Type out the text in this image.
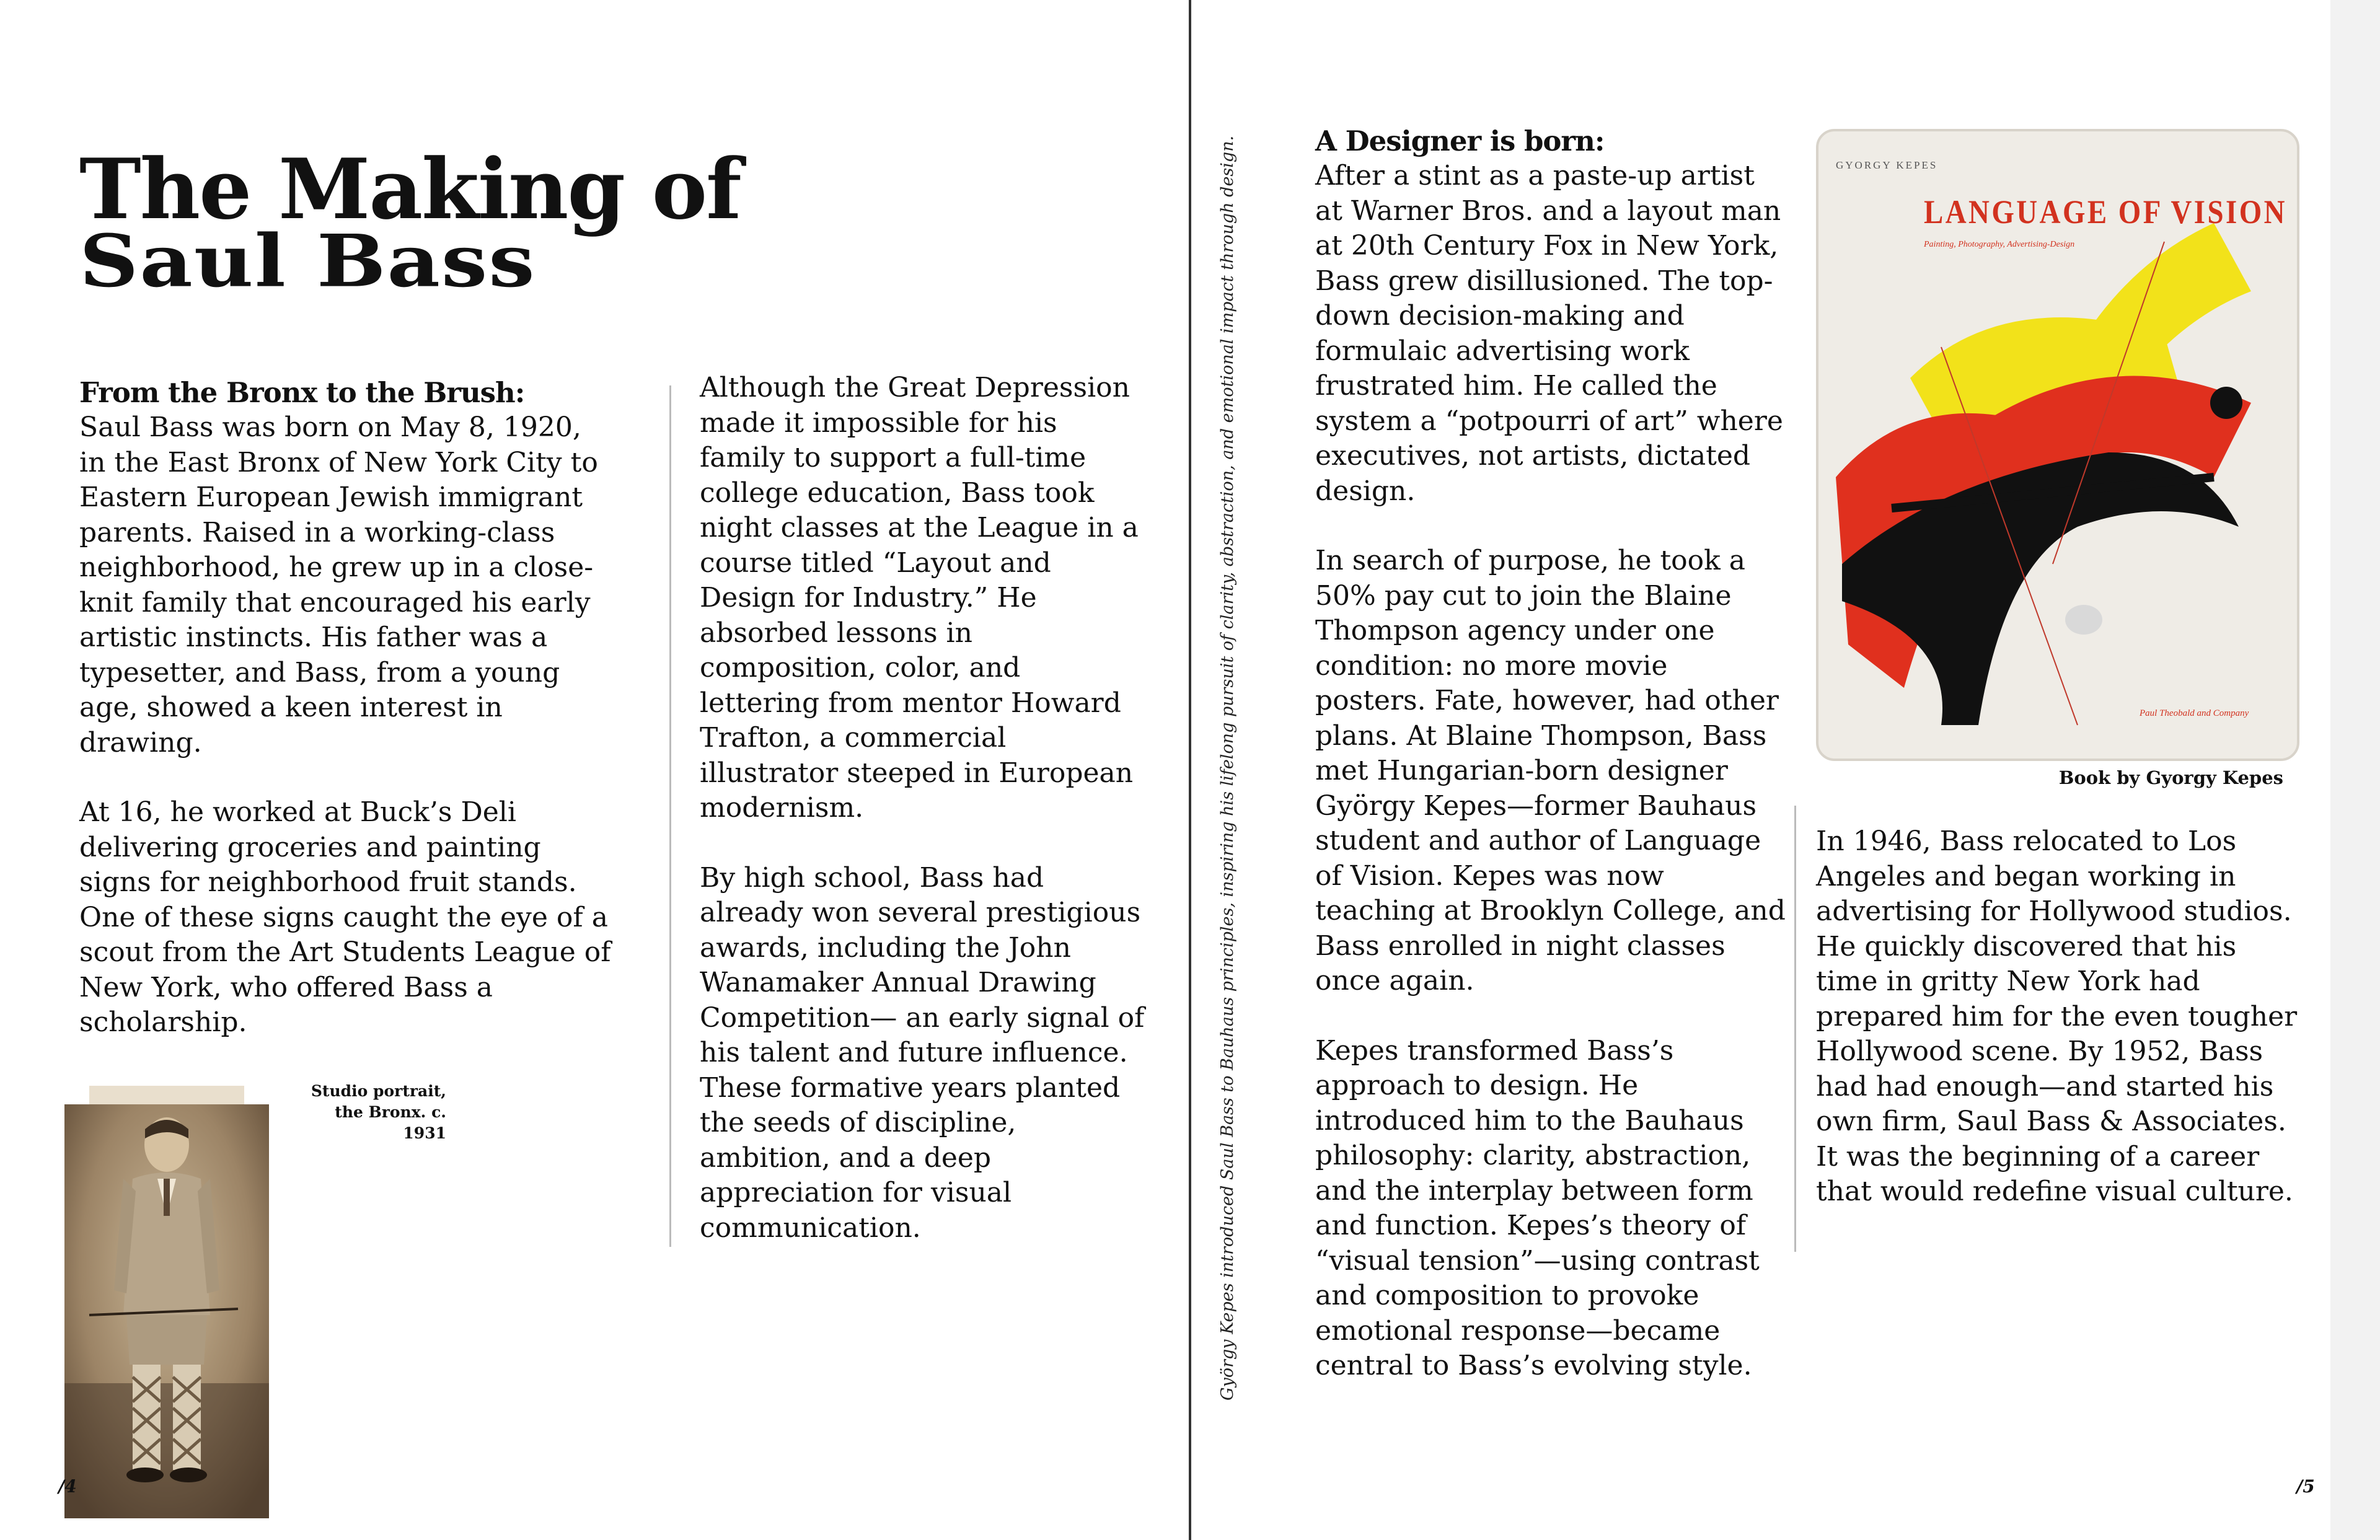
The Making of
Saul Bass
From the Bronx to the Brush:

Saul Bass was born on May 8, 1920, in the East Bronx of New York City to Eastern European Jewish immigrant parents. Raised in a working-class neighborhood, he grew up in a close-knit family that encouraged his early artistic instincts. His father was a typesetter, and Bass, from a young age, showed a keen interest in drawing.

At 16, he worked at Buck’s Deli delivering groceries and painting signs for neighborhood fruit stands. One of these signs caught the eye of a scout from the Art Students League of New York, who offered Bass a scholarship.

Although the Great Depression made it impossible for his family to support a full-time college education, Bass took night classes at the League in a course titled “Layout and Design for Industry.” He absorbed lessons in composition, color, and lettering from mentor Howard Trafton, a commercial illustrator steeped in European modernism.

By high school, Bass had already won several prestigious awards, including the John Wanamaker Annual Drawing Competition— an early signal of his talent and future influence. These formative years planted the seeds of discipline, ambition, and a deep appreciation for visual communication.

Studio portrait,
the Bronx. c.
1931	György Kepes introduced Saul Bass to Bauhaus principles, inspiring his lifelong pursuit of clarity, abstraction, and emotional impact through design.	A Designer is born:

After a stint as a paste-up artist at Warner Bros. and a layout man at 20th Century Fox in New York, Bass grew disillusioned. The top-down decision-making and formulaic advertising work frustrated him. He called the system a “potpourri of art” where executives, not artists, dictated design.

In search of purpose, he took a 50% pay cut to join the Blaine Thompson agency under one condition: no more movie posters. Fate, however, had other plans. At Blaine Thompson, Bass met Hungarian-born designer György Kepes—former Bauhaus student and author of Language of Vision. Kepes was now teaching at Brooklyn College, and Bass enrolled in night classes once again.

Kepes transformed Bass’s approach to design. He introduced him to the Bauhaus philosophy: clarity, abstraction, and the interplay between form and function. Kepes’s theory of “visual tension”—using contrast and composition to provoke emotional response—became central to Bass’s evolving style.

GYORGY KEPES
LANGUAGE OF VISION
Painting, Photography, Advertising-Design
Paul Theobald and Company
Book by Gyorgy Kepes

In 1946, Bass relocated to Los Angeles and began working in advertising for Hollywood studios. He quickly discovered that his time in gritty New York had prepared him for the even tougher Hollywood scene. By 1952, Bass had had enough—and started his own firm, Saul Bass & Associates. It was the beginning of a career that would redefine visual culture.

/4	/5
